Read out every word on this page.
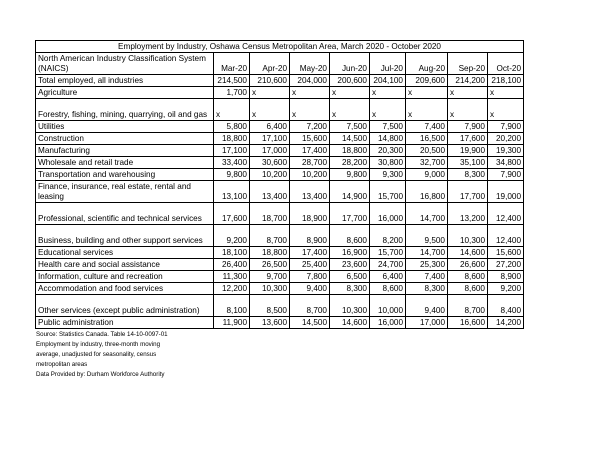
Employment by Industry, Oshawa Census Metropolitan Area, March 2020 - October 2020								
North American Industry Classification System (NAICS)	Mar-20	Apr-20	May-20	Jun-20	Jul-20	Aug-20	Sep-20	Oct-20
Total employed, all industries	214,500	210,600	204,000	200,600	204,100	209,600	214,200	218,100
Agriculture	1,700	x	x	x	x	x	x	x
Forestry, fishing, mining, quarrying, oil and gas	x	x	x	x	x	x	x	x
Utilities	5,800	6,400	7,200	7,500	7,500	7,400	7,900	7,900
Construction	18,800	17,100	15,600	14,500	14,800	16,500	17,600	20,200
Manufacturing	17,100	17,000	17,400	18,800	20,300	20,500	19,900	19,300
Wholesale and retail trade	33,400	30,600	28,700	28,200	30,800	32,700	35,100	34,800
Transportation and warehousing	9,800	10,200	10,200	9,800	9,300	9,000	8,300	7,900
Finance, insurance, real estate, rental and leasing	13,100	13,400	13,400	14,900	15,700	16,800	17,700	19,000
Professional, scientific and technical services	17,600	18,700	18,900	17,700	16,000	14,700	13,200	12,400
Business, building and other support services	9,200	8,700	8,900	8,600	8,200	9,500	10,300	12,400
Educational services	18,100	18,800	17,400	16,900	15,700	14,700	14,600	15,600
Health care and social assistance	26,400	26,500	25,400	23,600	24,700	25,300	26,600	27,200
Information, culture and recreation	11,300	9,700	7,800	6,500	6,400	7,400	8,600	8,900
Accommodation and food services	12,200	10,300	9,400	8,300	8,600	8,300	8,600	9,200
Other services (except public administration)	8,100	8,500	8,700	10,300	10,000	9,400	8,700	8,400
Public administration	11,900	13,600	14,500	14,600	16,000	17,000	16,600	14,200
Source: Statistics Canada. Table 14-10-0097-01
Employment by industry, three-month moving
average, unadjusted for seasonality, census
metropolitan areas
Data Provided by: Durham Workforce Authority
